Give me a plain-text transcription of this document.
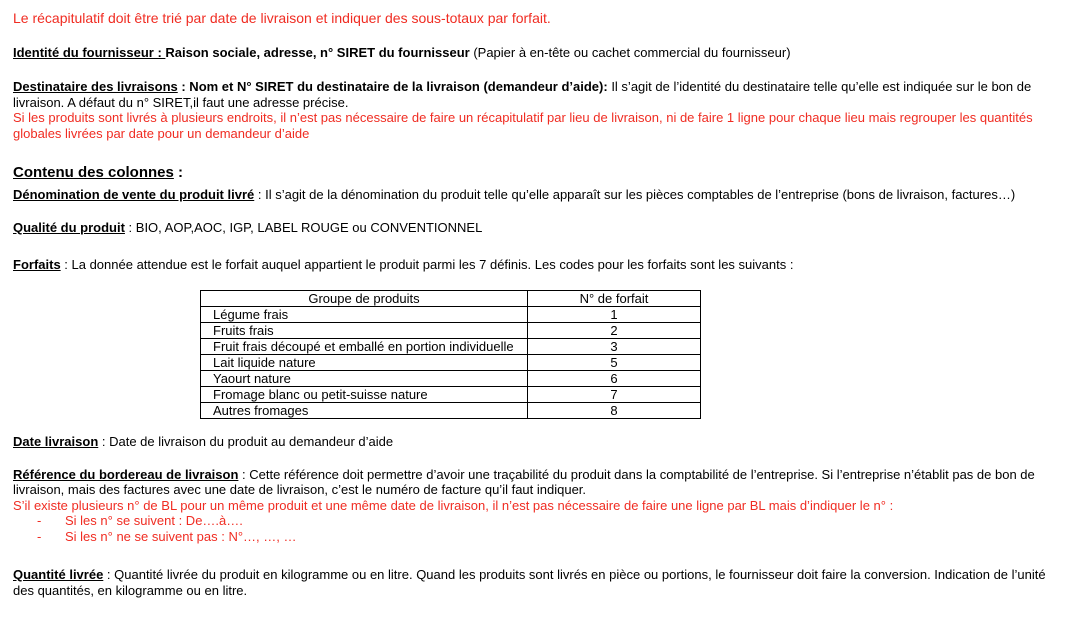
Le récapitulatif doit être trié par date de livraison et indiquer des sous-totaux par forfait.

Identité du fournisseur : Raison sociale, adresse, n° SIRET du fournisseur (Papier à en-tête ou cachet commercial du fournisseur)

Destinataire des livraisons : Nom et N° SIRET du destinataire de la livraison (demandeur d’aide): Il s’agit de l’identité du destinataire telle qu’elle est indiquée sur le bon de livraison. A défaut du n° SIRET,il faut une adresse précise.
Si les produits sont livrés à plusieurs endroits, il n’est pas nécessaire de faire un récapitulatif par lieu de livraison, ni de faire 1 ligne pour chaque lieu mais regrouper les quantités globales livrées par date pour un demandeur d’aide

Contenu des colonnes :

Dénomination de vente du produit livré : Il s’agit de la dénomination du produit telle qu’elle apparaît sur les pièces comptables de l’entreprise (bons de livraison, factures…)

Qualité du produit : BIO, AOP,AOC, IGP, LABEL ROUGE ou CONVENTIONNEL

Forfaits : La donnée attendue est le forfait auquel appartient le produit parmi les 7 définis. Les codes pour les forfaits sont les suivants :

Groupe de produits	N° de forfait
Légume frais	1
Fruits frais	2
Fruit frais découpé et emballé en portion individuelle	3
Lait liquide nature	5
Yaourt nature	6
Fromage blanc ou petit-suisse nature	7
Autres fromages	8

Date livraison : Date de livraison du produit au demandeur d’aide

Référence du bordereau de livraison : Cette référence doit permettre d’avoir une traçabilité du produit dans la comptabilité de l’entreprise. Si l’entreprise n’établit pas de bon de livraison, mais des factures avec une date de livraison, c’est le numéro de facture qu’il faut indiquer.
S’il existe plusieurs n° de BL pour un même produit et une même date de livraison, il n’est pas nécessaire de faire une ligne par BL mais d’indiquer le n° :

- Si les n° se suivent : De….à….
- Si les n° ne se suivent pas : N°…, …, …

Quantité livrée : Quantité livrée du produit en kilogramme ou en litre. Quand les produits sont livrés en pièce ou portions, le fournisseur doit faire la conversion. Indication de l’unité des quantités, en kilogramme ou en litre.
